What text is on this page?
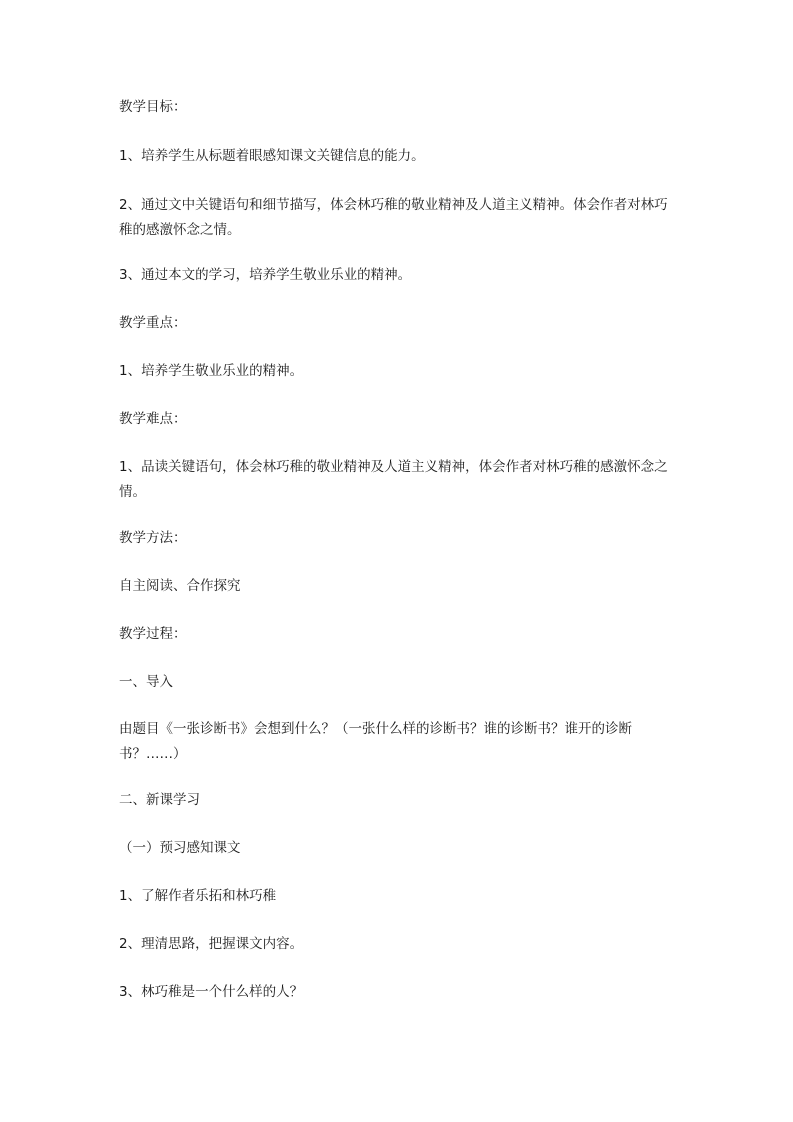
教学目标：

1、培养学生从标题着眼感知课文关键信息的能力。

2、通过文中关键语句和细节描写，体会林巧稚的敬业精神及人道主义精神。体会作者对林巧稚的感激怀念之情。

3、通过本文的学习，培养学生敬业乐业的精神。

教学重点：

1、培养学生敬业乐业的精神。

教学难点：

1、品读关键语句，体会林巧稚的敬业精神及人道主义精神，体会作者对林巧稚的感激怀念之情。

教学方法：

自主阅读、合作探究

教学过程：

一、导入

由题目《一张诊断书》会想到什么？（一张什么样的诊断书？谁的诊断书？谁开的诊断书？……）

二、新课学习

（一）预习感知课文

1、了解作者乐拓和林巧稚

2、理清思路，把握课文内容。

3、林巧稚是一个什么样的人？
